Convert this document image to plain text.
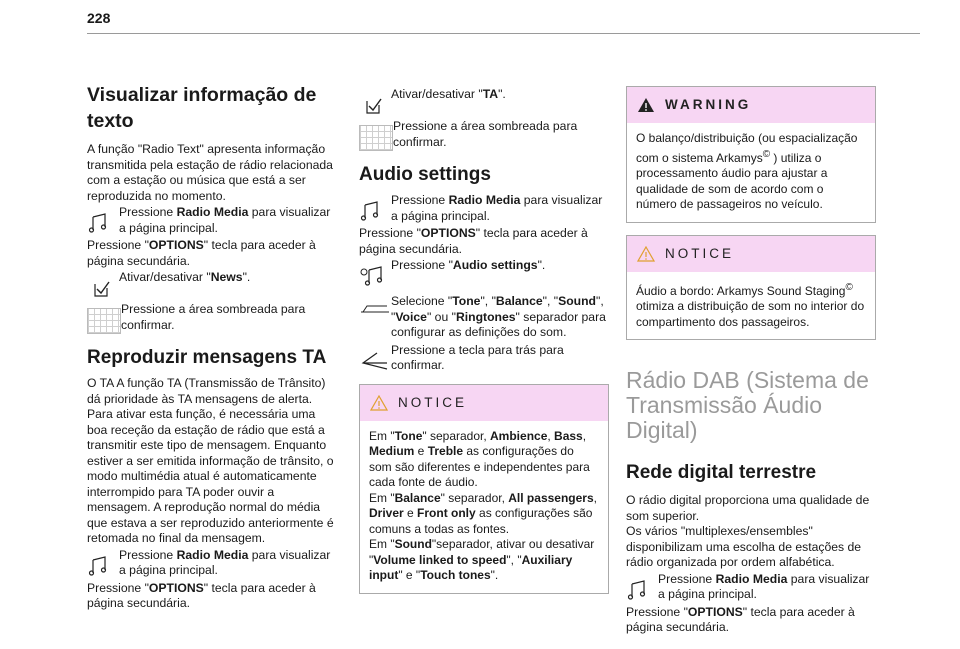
228
Visualizar informação de texto

A função "Radio Text" apresenta informação transmitida pela estação de rádio relacionada com a estação ou música que está a ser reproduzida no momento.

Pressione Radio Media para visualizar a página principal.

Pressione "OPTIONS" tecla para aceder à página secundária.

Ativar/desativar "News".
Pressione a área sombreada para confirmar.
Reproduzir mensagens TA

O TA A função TA (Transmissão de Trânsito) dá prioridade às TA mensagens de alerta. Para ativar esta função, é necessária uma boa receção da estação de rádio que está a transmitir este tipo de mensagem. Enquanto estiver a ser emitida informação de trânsito, o modo multimédia atual é automaticamente interrompido para TA poder ouvir a mensagem. A reprodução normal do média que estava a ser reproduzido anteriormente é retomada no final da mensagem.

Pressione Radio Media para visualizar a página principal.

Pressione "OPTIONS" tecla para aceder à página secundária.

Ativar/desativar "TA".
Pressione a área sombreada para confirmar.
Audio settings
Pressione Radio Media para visualizar a página principal.

Pressione "OPTIONS" tecla para aceder à página secundária.

Pressione "Audio settings".
Selecione "Tone", "Balance", "Sound", "Voice" ou "Ringtones" separador para configurar as definições do som.
Pressione a tecla para trás para confirmar.
NOTICE
Em "Tone" separador, Ambience, Bass, Medium e Treble as configurações do som são diferentes e independentes para cada fonte de áudio.
Em "Balance" separador, All passengers, Driver e Front only as configurações são comuns a todas as fontes.
Em "Sound"separador, ativar ou desativar "Volume linked to speed", "Auxiliary input" e "Touch tones".
WARNING
O balanço/distribuição (ou espacialização com o sistema Arkamys© ) utiliza o processamento áudio para ajustar a qualidade de som de acordo com o número de passageiros no veículo.
NOTICE
Áudio a bordo: Arkamys Sound Staging© otimiza a distribuição de som no interior do compartimento dos passageiros.
Rádio DAB (Sistema de Transmissão Áudio Digital)
Rede digital terrestre

O rádio digital proporciona uma qualidade de som superior.
Os vários "multiplexes/ensembles" disponibilizam uma escolha de estações de rádio organizada por ordem alfabética.

Pressione Radio Media para visualizar a página principal.

Pressione "OPTIONS" tecla para aceder à página secundária.
